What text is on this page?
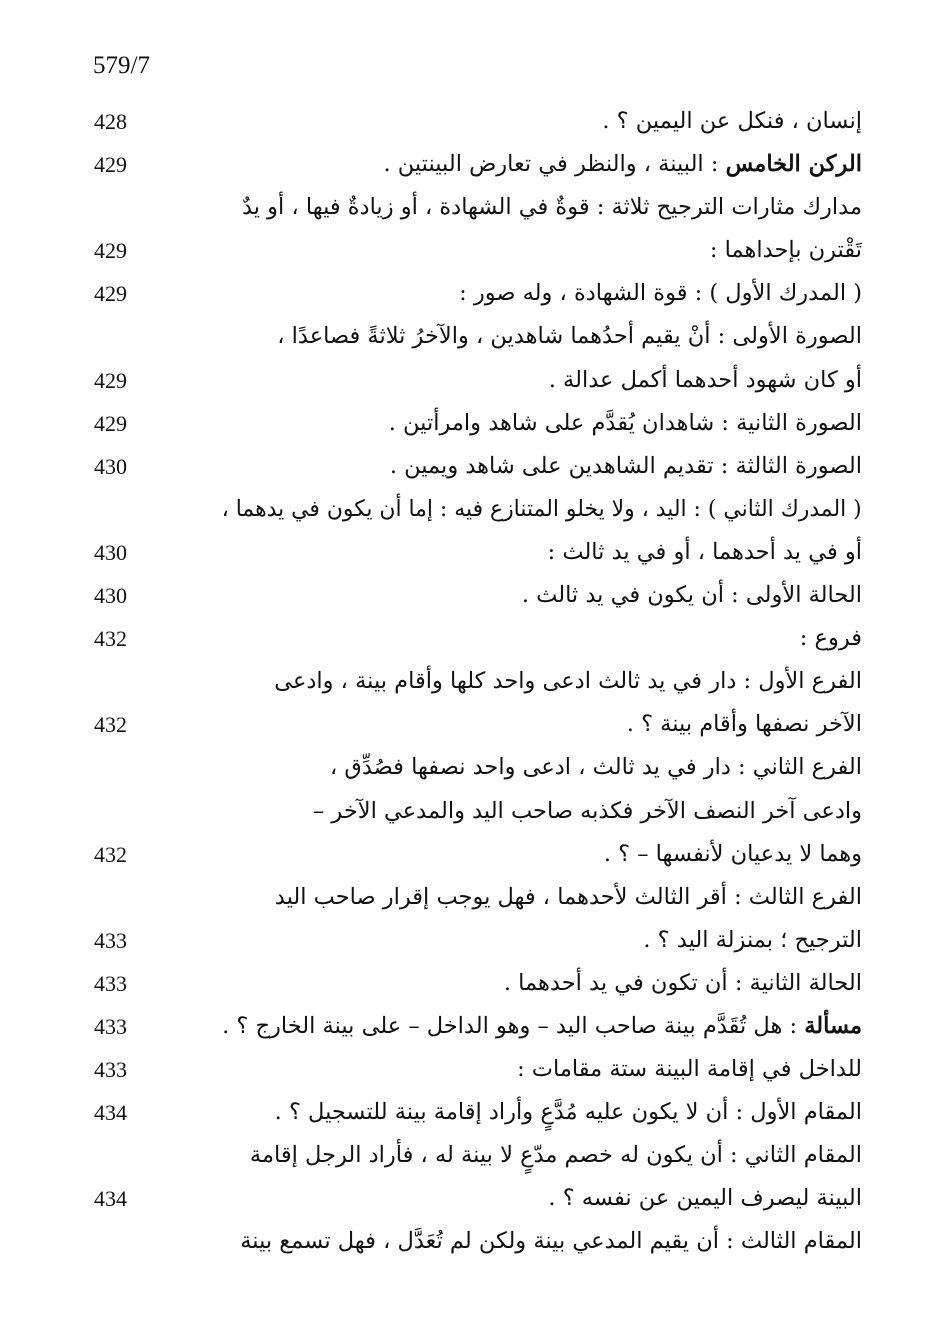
579/7
إنسان ، فنكل عن اليمين ؟ .
428
الركن الخامس : البينة ، والنظر في تعارض البينتين .
429
مدارك مثارات الترجيح ثلاثة : قوةٌ في الشهادة ، أو زيادةٌ فيها ، أو يدٌ
تَقْترن بإحداهما :
429
( المدرك الأول ) : قوة الشهادة ، وله صور :
429
الصورة الأولى : أنْ يقيم أحدُهما شاهدين ، والآخرُ ثلاثةً فصاعدًا ،
أو كان شهود أحدهما أكمل عدالة .
429
الصورة الثانية : شاهدان يُقدَّم على شاهد وامرأتين .
429
الصورة الثالثة : تقديم الشاهدين على شاهد ويمين .
430
( المدرك الثاني ) : اليد ، ولا يخلو المتنازع فيه : إما أن يكون في يدهما ،
أو في يد أحدهما ، أو في يد ثالث :
430
الحالة الأولى : أن يكون في يد ثالث .
430
فروع :
432
الفرع الأول : دار في يد ثالث ادعى واحد كلها وأقام بينة ، وادعى
الآخر نصفها وأقام بينة ؟ .
432
الفرع الثاني : دار في يد ثالث ، ادعى واحد نصفها فصُدِّق ،
وادعى آخر النصف الآخر فكذبه صاحب اليد والمدعي الآخر –
وهما لا يدعيان لأنفسها – ؟ .
432
الفرع الثالث : أقر الثالث لأحدهما ، فهل يوجب إقرار صاحب اليد
الترجيح ؛ بمنزلة اليد ؟ .
433
الحالة الثانية : أن تكون في يد أحدهما .
433
مسألة : هل تُقَدَّم بينة صاحب اليد – وهو الداخل – على بينة الخارج ؟ .
433
للداخل في إقامة البينة ستة مقامات :
433
المقام الأول : أن لا يكون عليه مُدَّعٍ وأراد إقامة بينة للتسجيل ؟ .
434
المقام الثاني : أن يكون له خصم مدّعٍ لا بينة له ، فأراد الرجل إقامة
البينة ليصرف اليمين عن نفسه ؟ .
434
المقام الثالث : أن يقيم المدعي بينة ولكن لم تُعَدَّل ، فهل تسمع بينة
